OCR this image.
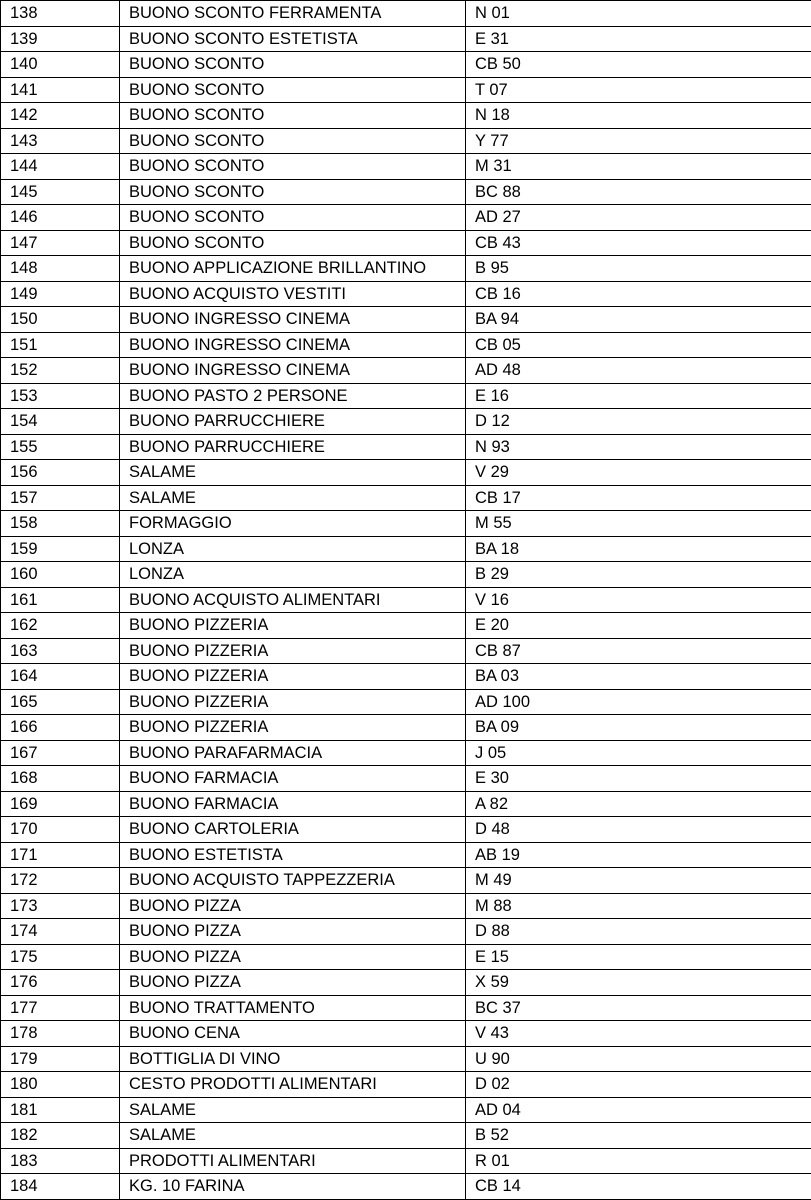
138	BUONO SCONTO FERRAMENTA	N 01
139	BUONO SCONTO ESTETISTA	E 31
140	BUONO SCONTO	CB 50
141	BUONO SCONTO	T 07
142	BUONO SCONTO	N 18
143	BUONO SCONTO	Y 77
144	BUONO SCONTO	M 31
145	BUONO SCONTO	BC 88
146	BUONO SCONTO	AD 27
147	BUONO SCONTO	CB 43
148	BUONO APPLICAZIONE BRILLANTINO	B 95
149	BUONO ACQUISTO VESTITI	CB 16
150	BUONO INGRESSO CINEMA	BA 94
151	BUONO INGRESSO CINEMA	CB 05
152	BUONO INGRESSO CINEMA	AD 48
153	BUONO PASTO 2 PERSONE	E 16
154	BUONO PARRUCCHIERE	D 12
155	BUONO PARRUCCHIERE	N 93
156	SALAME	V 29
157	SALAME	CB 17
158	FORMAGGIO	M 55
159	LONZA	BA 18
160	LONZA	B 29
161	BUONO ACQUISTO ALIMENTARI	V 16
162	BUONO PIZZERIA	E 20
163	BUONO PIZZERIA	CB 87
164	BUONO PIZZERIA	BA 03
165	BUONO PIZZERIA	AD 100
166	BUONO PIZZERIA	BA 09
167	BUONO PARAFARMACIA	J 05
168	BUONO FARMACIA	E 30
169	BUONO FARMACIA	A 82
170	BUONO CARTOLERIA	D 48
171	BUONO ESTETISTA	AB 19
172	BUONO ACQUISTO TAPPEZZERIA	M 49
173	BUONO PIZZA	M 88
174	BUONO PIZZA	D 88
175	BUONO PIZZA	E 15
176	BUONO PIZZA	X 59
177	BUONO TRATTAMENTO	BC 37
178	BUONO CENA	V 43
179	BOTTIGLIA DI VINO	U 90
180	CESTO PRODOTTI ALIMENTARI	D 02
181	SALAME	AD 04
182	SALAME	B 52
183	PRODOTTI ALIMENTARI	R 01
184	KG. 10 FARINA	CB 14
